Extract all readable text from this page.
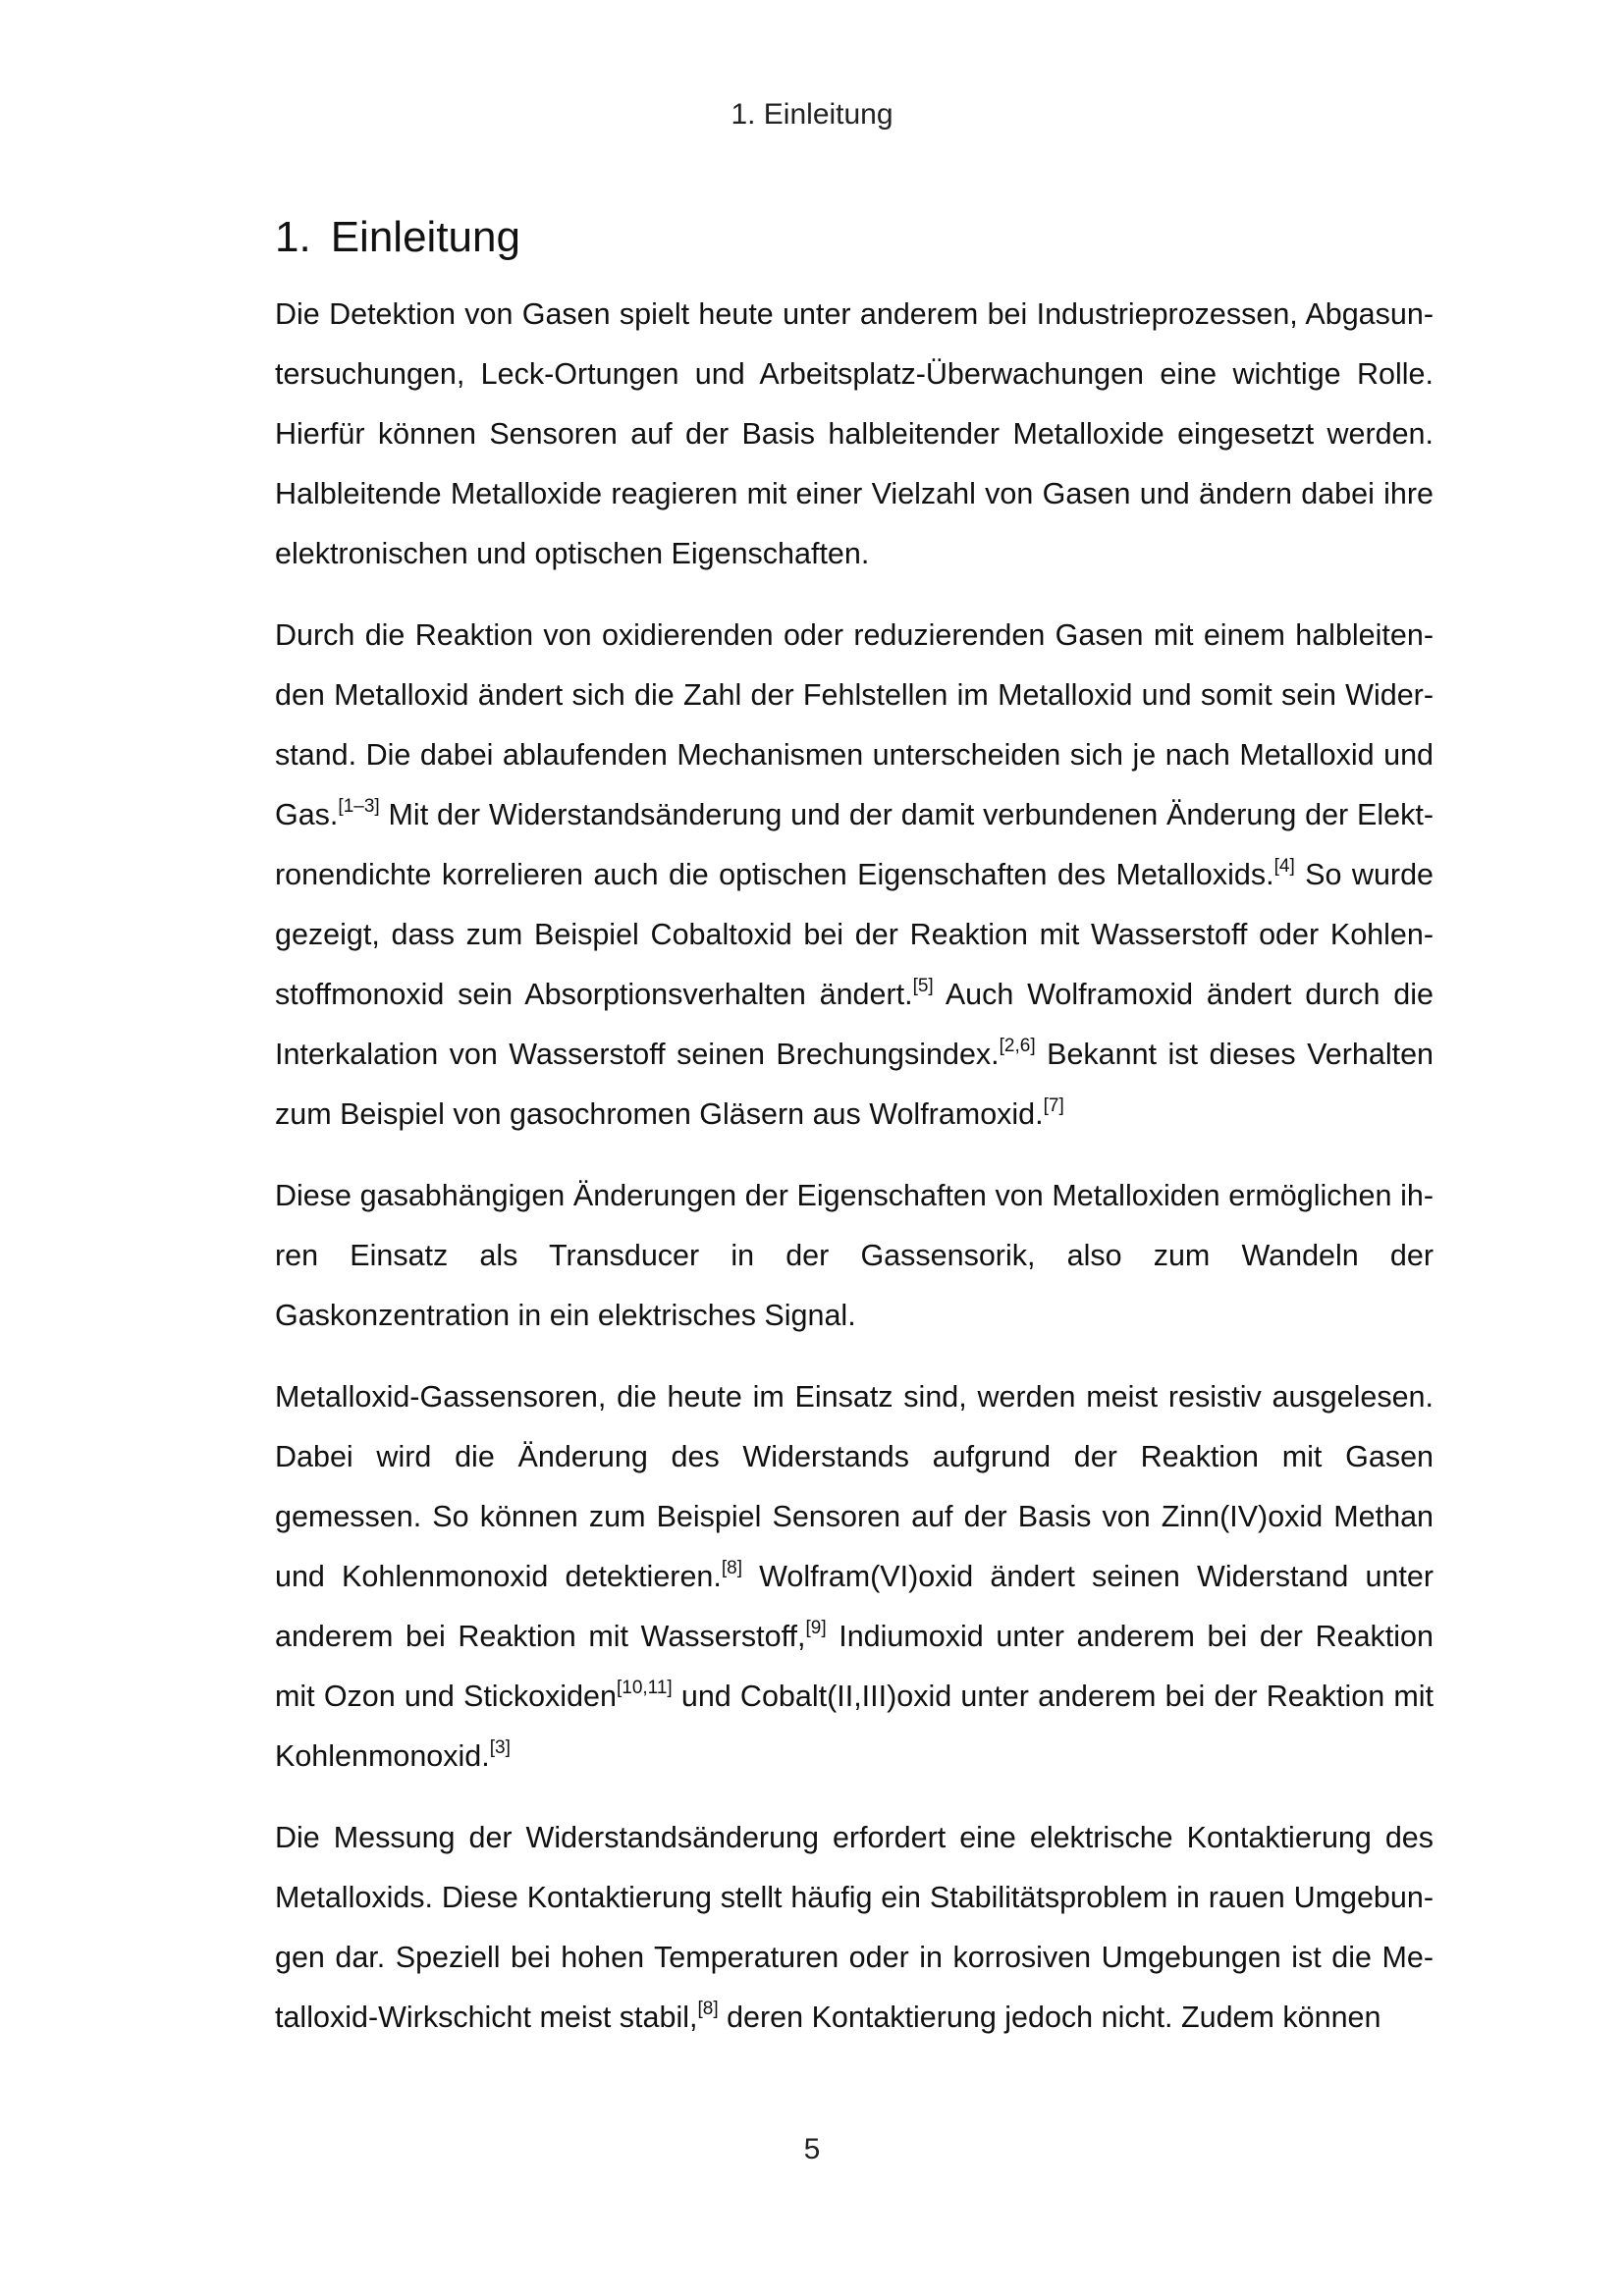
1. Einleitung
1. Einleitung

Die Detektion von Gasen spielt heute unter anderem bei Industrieprozessen, Abgasuntersuchungen, Leck-Ortungen und Arbeitsplatz-Überwachungen eine wichtige Rolle. Hierfür können Sensoren auf der Basis halbleitender Metalloxide eingesetzt werden. Halbleitende Metalloxide reagieren mit einer Vielzahl von Gasen und ändern dabei ihre elektronischen und optischen Eigenschaften.

Durch die Reaktion von oxidierenden oder reduzierenden Gasen mit einem halbleitenden Metalloxid ändert sich die Zahl der Fehlstellen im Metalloxid und somit sein Widerstand. Die dabei ablaufenden Mechanismen unterscheiden sich je nach Metalloxid und Gas.[1–3] Mit der Widerstandsänderung und der damit verbundenen Änderung der Elektronendichte korrelieren auch die optischen Eigenschaften des Metalloxids.[4] So wurde gezeigt, dass zum Beispiel Cobaltoxid bei der Reaktion mit Wasserstoff oder Kohlenstoffmonoxid sein Absorptionsverhalten ändert.[5] Auch Wolframoxid ändert durch die Interkalation von Wasserstoff seinen Brechungsindex.[2,6] Bekannt ist dieses Verhalten zum Beispiel von gasochromen Gläsern aus Wolframoxid.[7]

Diese gasabhängigen Änderungen der Eigenschaften von Metalloxiden ermöglichen ihren Einsatz als Transducer in der Gassensorik, also zum Wandeln der Gaskonzentration in ein elektrisches Signal.

Metalloxid-Gassensoren, die heute im Einsatz sind, werden meist resistiv ausgelesen. Dabei wird die Änderung des Widerstands aufgrund der Reaktion mit Gasen gemessen. So können zum Beispiel Sensoren auf der Basis von Zinn(IV)oxid Methan und Kohlenmonoxid detektieren.[8] Wolfram(VI)oxid ändert seinen Widerstand unter anderem bei Reaktion mit Wasserstoff,[9] Indiumoxid unter anderem bei der Reaktion mit Ozon und Stickoxiden[10,11] und Cobalt(II,III)oxid unter anderem bei der Reaktion mit Kohlenmonoxid.[3]

Die Messung der Widerstandsänderung erfordert eine elektrische Kontaktierung des Metalloxids. Diese Kontaktierung stellt häufig ein Stabilitätsproblem in rauen Umgebungen dar. Speziell bei hohen Temperaturen oder in korrosiven Umgebungen ist die Metalloxid-Wirkschicht meist stabil,[8] deren Kontaktierung jedoch nicht. Zudem können

5
